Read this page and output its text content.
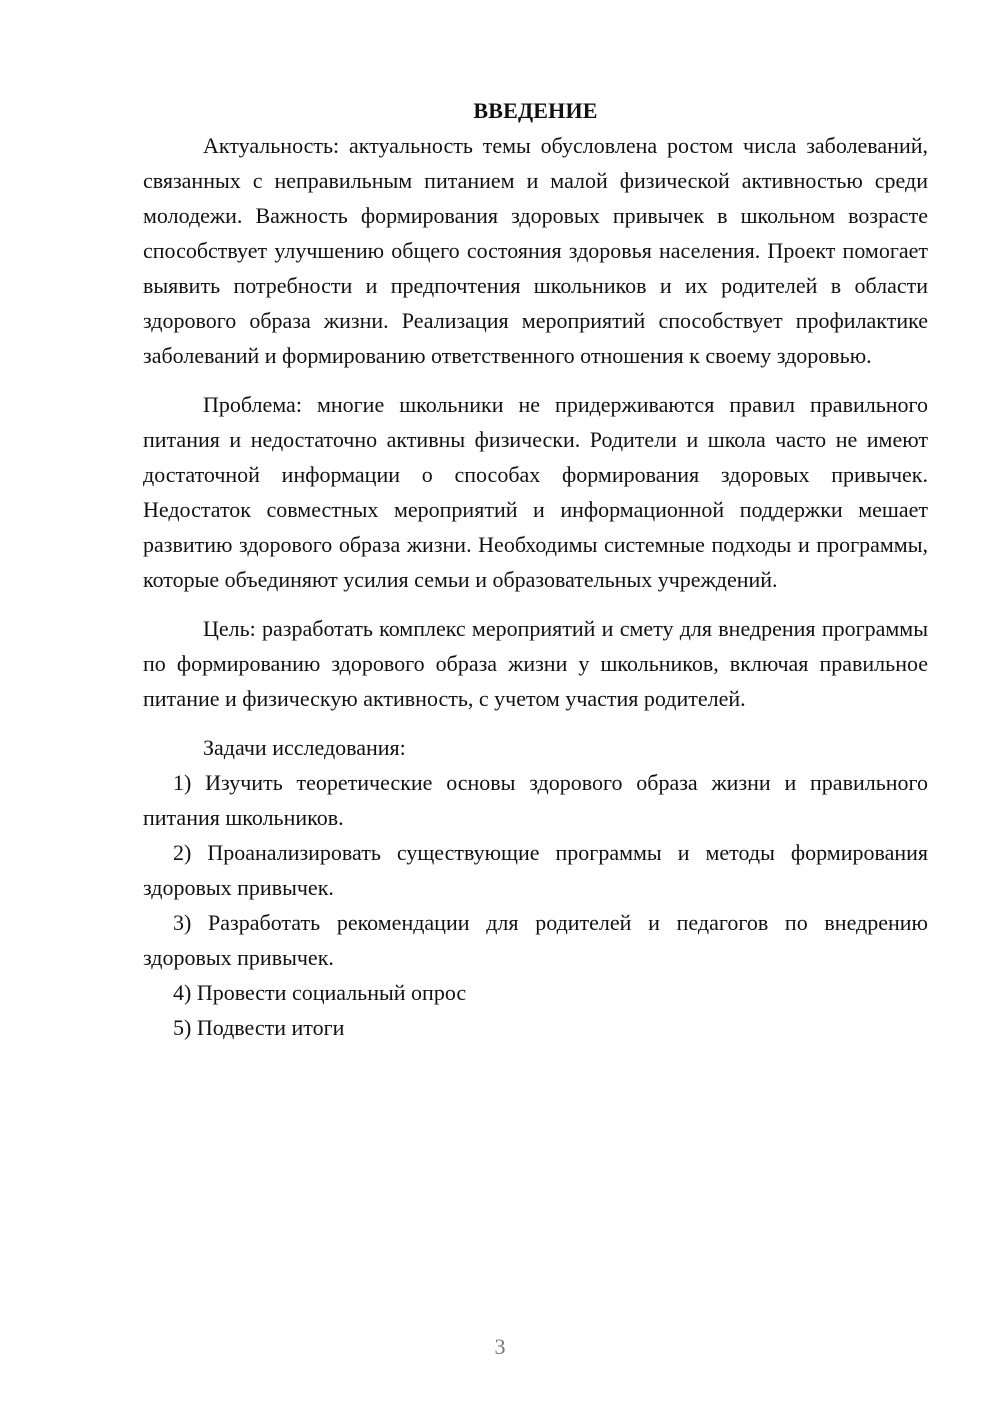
ВВЕДЕНИЕ

Актуальность: актуальность темы обусловлена ростом числа заболеваний, связанных с неправильным питанием и малой физической активностью среди молодежи. Важность формирования здоровых привычек в школьном возрасте способствует улучшению общего состояния здоровья населения. Проект помогает выявить потребности и предпочтения школьников и их родителей в области здорового образа жизни. Реализация мероприятий способствует профилактике заболеваний и формированию ответственного отношения к своему здоровью.

Проблема: многие школьники не придерживаются правил правильного питания и недостаточно активны физически. Родители и школа часто не имеют достаточной информации о способах формирования здоровых привычек. Недостаток совместных мероприятий и информационной поддержки мешает развитию здорового образа жизни. Необходимы системные подходы и программы, которые объединяют усилия семьи и образовательных учреждений.

Цель: разработать комплекс мероприятий и смету для внедрения программы по формированию здорового образа жизни у школьников, включая правильное питание и физическую активность, с учетом участия родителей.

Задачи исследования:

1) Изучить теоретические основы здорового образа жизни и правильного питания школьников.

2) Проанализировать существующие программы и методы формирования здоровых привычек.

3) Разработать рекомендации для родителей и педагогов по внедрению здоровых привычек.

4) Провести социальный опрос

5) Подвести итоги

3
